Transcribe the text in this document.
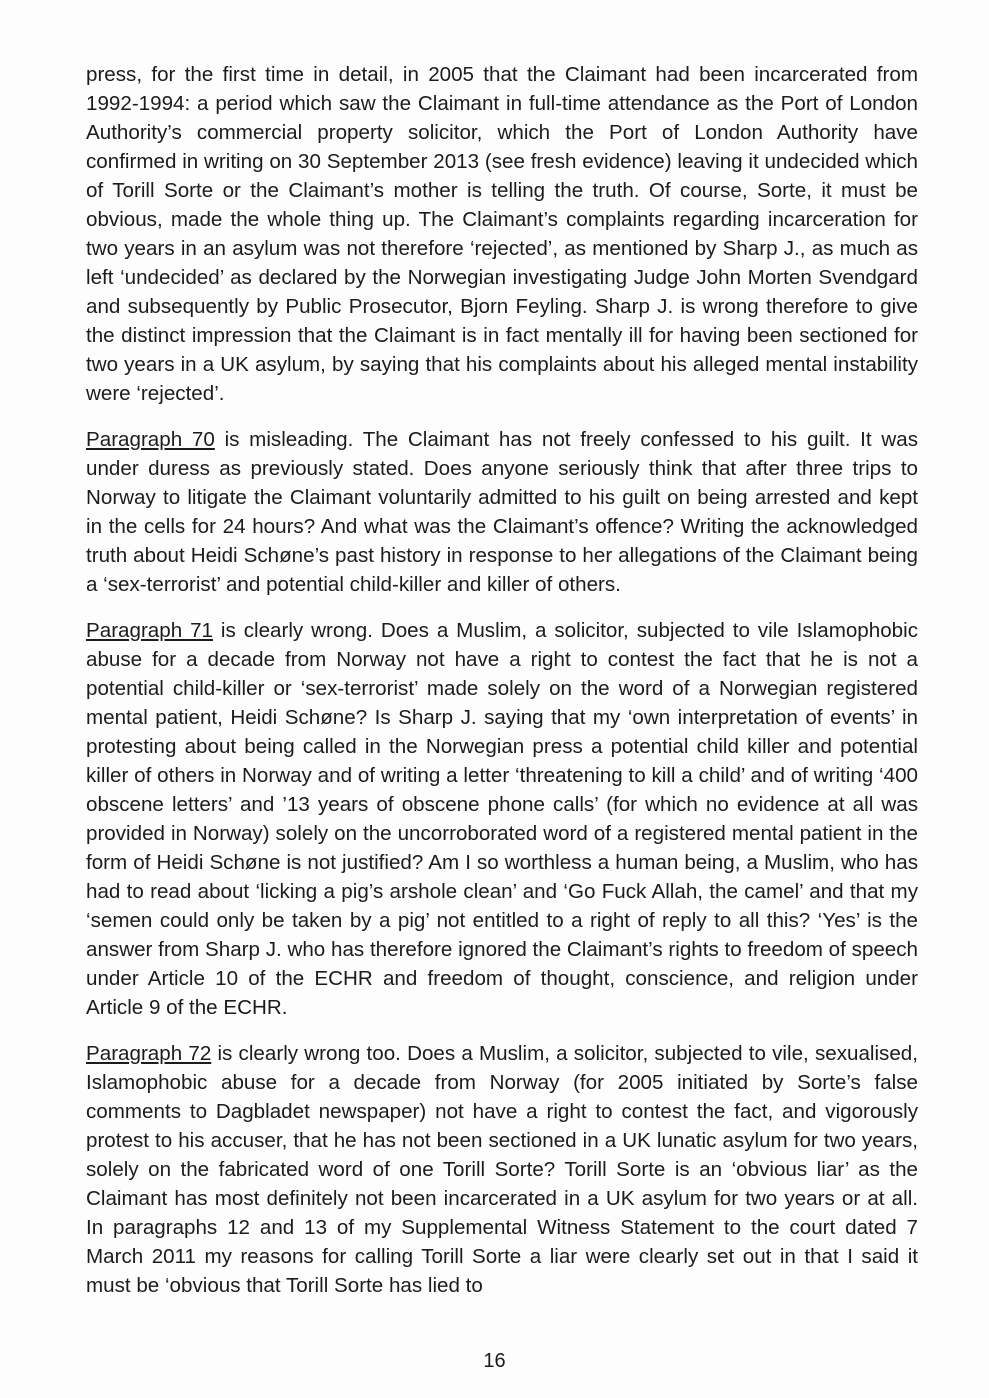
press, for the first time in detail, in 2005 that the Claimant had been incarcerated from 1992-1994: a period which saw the Claimant in full-time attendance as the Port of London Authority’s commercial property solicitor, which the Port of London Authority have confirmed in writing on 30 September 2013 (see fresh evidence) leaving it undecided which of Torill Sorte or the Claimant’s mother is telling the truth. Of course, Sorte, it must be obvious, made the whole thing up. The Claimant’s complaints regarding incarceration for two years in an asylum was not therefore ‘rejected’, as mentioned by Sharp J., as much as left ‘undecided’ as declared by the Norwegian investigating Judge John Morten Svendgard and subsequently by Public Prosecutor, Bjorn Feyling. Sharp J. is wrong therefore to give the distinct impression that the Claimant is in fact mentally ill for having been sectioned for two years in a UK asylum, by saying that his complaints about his alleged mental instability were ‘rejected’.

Paragraph 70 is misleading. The Claimant has not freely confessed to his guilt. It was under duress as previously stated. Does anyone seriously think that after three trips to Norway to litigate the Claimant voluntarily admitted to his guilt on being arrested and kept in the cells for 24 hours? And what was the Claimant’s offence? Writing the acknowledged truth about Heidi Schøne’s past history in response to her allegations of the Claimant being a ‘sex-terrorist’ and potential child-killer and killer of others.

Paragraph 71 is clearly wrong. Does a Muslim, a solicitor, subjected to vile Islamophobic abuse for a decade from Norway not have a right to contest the fact that he is not a potential child-killer or ‘sex-terrorist’ made solely on the word of a Norwegian registered mental patient, Heidi Schøne? Is Sharp J. saying that my ‘own interpretation of events’ in protesting about being called in the Norwegian press a potential child killer and potential killer of others in Norway and of writing a letter ‘threatening to kill a child’ and of writing ‘400 obscene letters’ and ’13 years of obscene phone calls’ (for which no evidence at all was provided in Norway) solely on the uncorroborated word of a registered mental patient in the form of Heidi Schøne is not justified? Am I so worthless a human being, a Muslim, who has had to read about ‘licking a pig’s arshole clean’ and ‘Go Fuck Allah, the camel’ and that my ‘semen could only be taken by a pig’ not entitled to a right of reply to all this? ‘Yes’ is the answer from Sharp J. who has therefore ignored the Claimant’s rights to freedom of speech under Article 10 of the ECHR and freedom of thought, conscience, and religion under Article 9 of the ECHR.

Paragraph 72 is clearly wrong too. Does a Muslim, a solicitor, subjected to vile, sexualised, Islamophobic abuse for a decade from Norway (for 2005 initiated by Sorte’s false comments to Dagbladet newspaper) not have a right to contest the fact, and vigorously protest to his accuser, that he has not been sectioned in a UK lunatic asylum for two years, solely on the fabricated word of one Torill Sorte? Torill Sorte is an ‘obvious liar’ as the Claimant has most definitely not been incarcerated in a UK asylum for two years or at all. In paragraphs 12 and 13 of my Supplemental Witness Statement to the court dated 7 March 2011 my reasons for calling Torill Sorte a liar were clearly set out in that I said it must be ‘obvious that Torill Sorte has lied to

16
